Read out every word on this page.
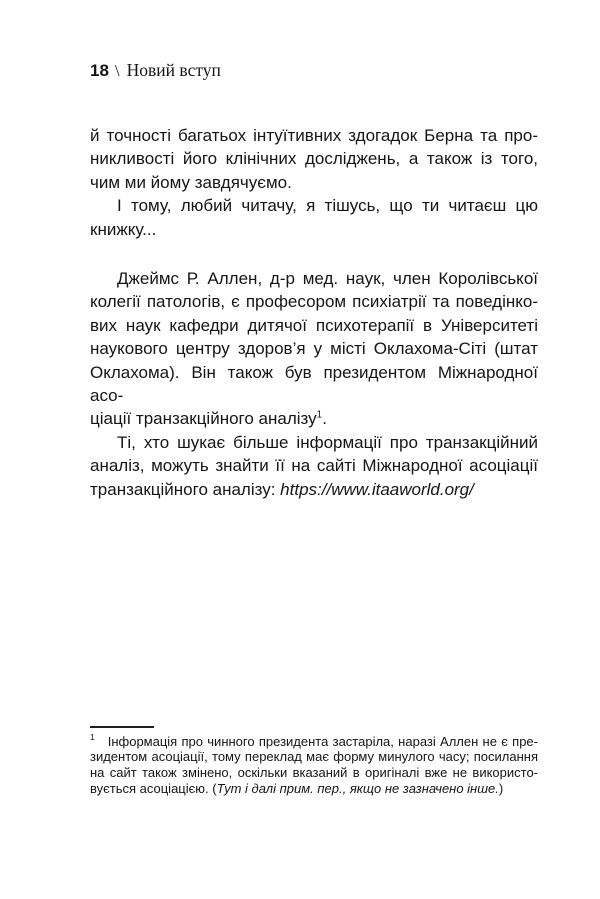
18 \ Новий вступ
й точності багатьох інтуїтивних здогадок Берна та про-
никливості його клінічних досліджень, а також із того,
чим ми йому завдячуємо.
І тому, любий читачу, я тішусь, що ти читаєш цю
книжку...
Джеймс Р. Аллен, д-р мед. наук, член Королівської
колегії патологів, є професором психіатрії та поведінко-
вих наук кафедри дитячої психотерапії в Університеті
наукового центру здоров’я у місті Оклахома-Сіті (штат
Оклахома). Він також був президентом Міжнародної асо-
ціації транзакційного аналізу$^1$.
Ті, хто шукає більше інформації про транзакційний
аналіз, можуть знайти її на сайті Міжнародної асоціації
транзакційного аналізу: https://www.itaaworld.org/
$^1$ Інформація про чинного президента застаріла, наразі Аллен не є пре-
зидентом асоціації, тому переклад має форму минулого часу; посилання
на сайт також змінено, оскільки вказаний в оригіналі вже не використо-
вується асоціацією. (Тут і далі прим. пер., якщо не зазначено інше.)
